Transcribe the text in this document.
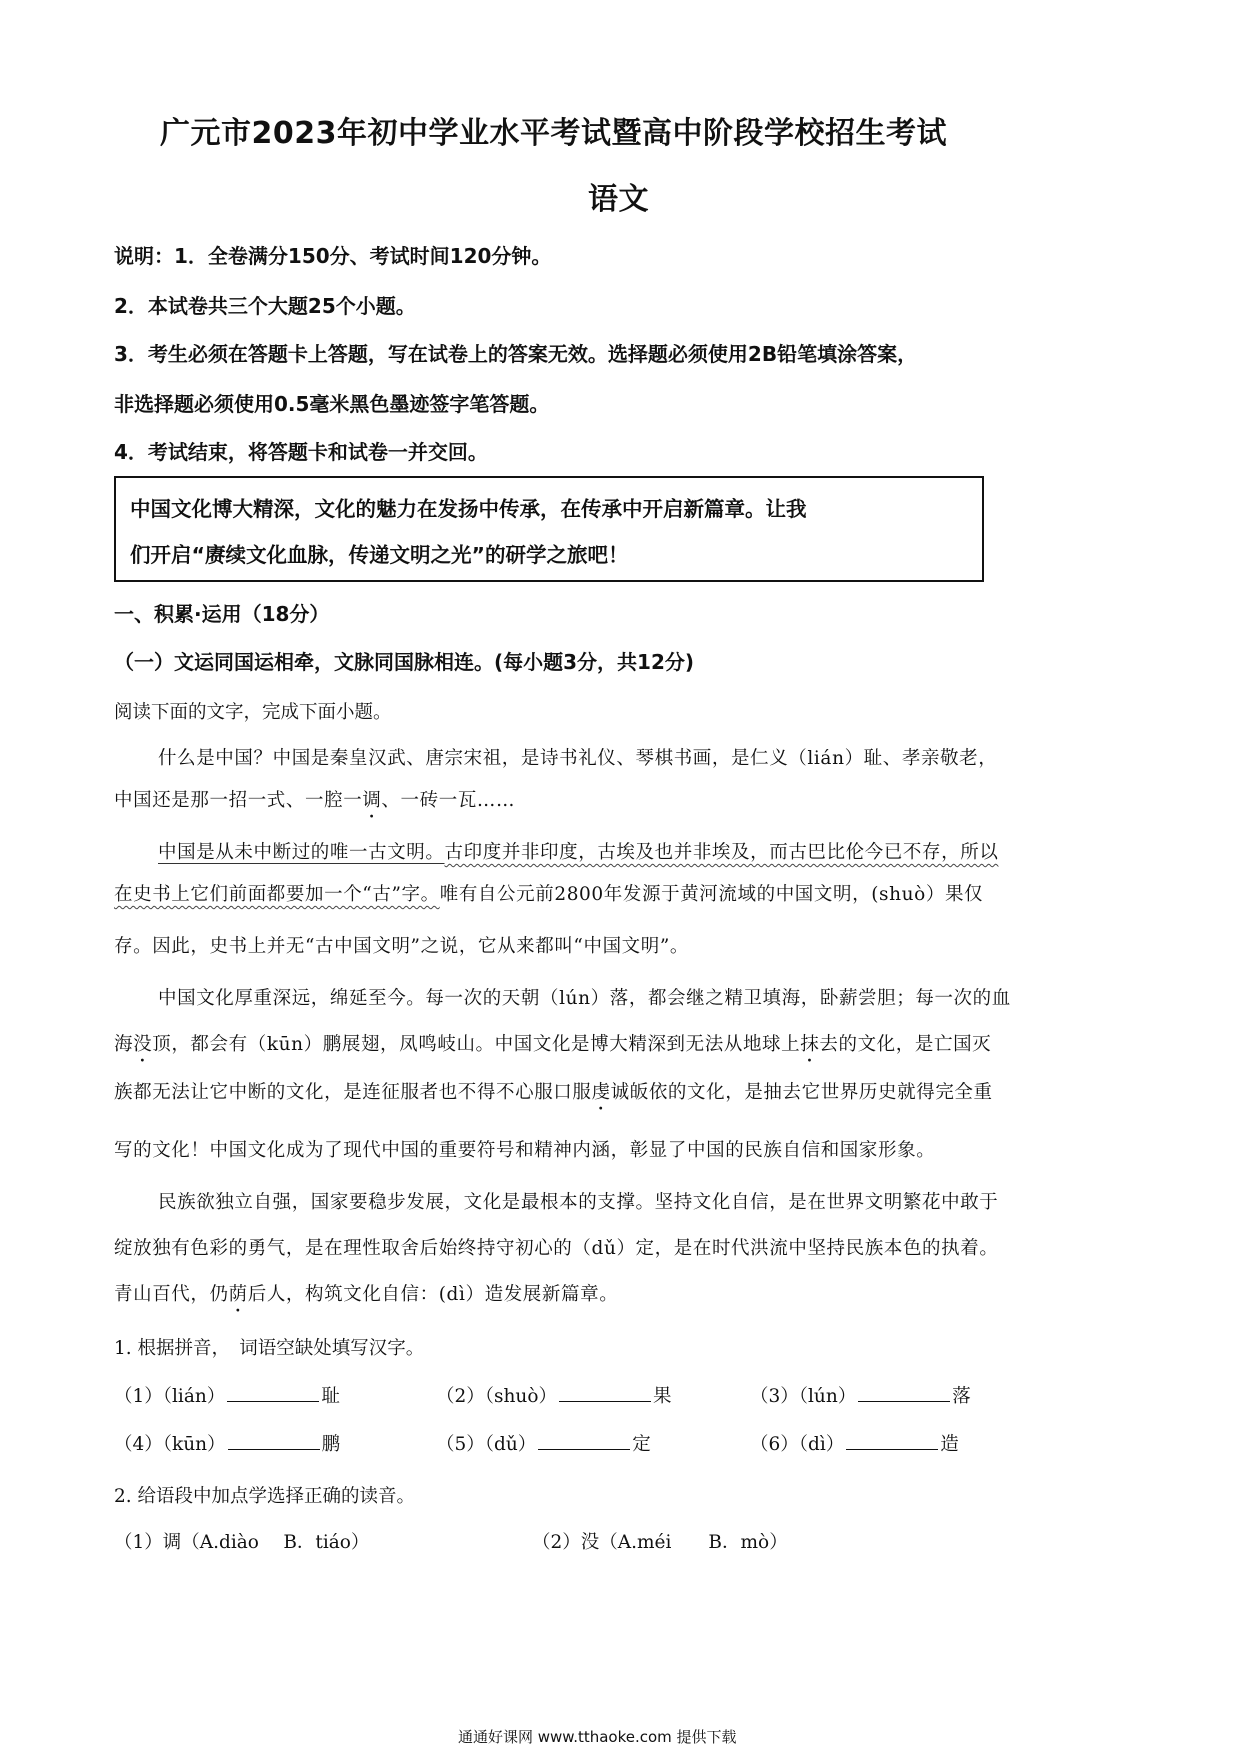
广元市2023年初中学业水平考试暨高中阶段学校招生考试
语文
说明：1．全卷满分150分、考试时间120分钟。
2．本试卷共三个大题25个小题。
3．考生必须在答题卡上答题，写在试卷上的答案无效。选择题必须使用2B铅笔填涂答案，
非选择题必须使用0.5毫米黑色墨迹签字笔答题。
4．考试结束，将答题卡和试卷一并交回。
中国文化博大精深，文化的魅力在发扬中传承，在传承中开启新篇章。让我
们开启“赓续文化血脉，传递文明之光”的研学之旅吧！
一、积累·运用（18分）
（一）文运同国运相牵，文脉同国脉相连。(每小题3分，共12分)
阅读下面的文字，完成下面小题。
什么是中国？中国是秦皇汉武、唐宗宋祖，是诗书礼仪、琴棋书画，是仁义（lián）耻、孝亲敬老，
中国还是那一招一式、一腔一调、一砖一瓦……
中国是从未中断过的唯一古文明。古印度并非印度，古埃及也并非埃及，而古巴比伦今已不存，所以
在史书上它们前面都要加一个“古”字。唯有自公元前2800年发源于黄河流域的中国文明，(shuò）果仅
存。因此，史书上并无“古中国文明”之说，它从来都叫“中国文明”。
中国文化厚重深远，绵延至今。每一次的天朝（lún）落，都会继之精卫填海，卧薪尝胆；每一次的血
海没顶，都会有（kūn）鹏展翅，凤鸣岐山。中国文化是博大精深到无法从地球上抹去的文化，是亡国灭
族都无法让它中断的文化，是连征服者也不得不心服口服虔诚皈依的文化，是抽去它世界历史就得完全重
写的文化！中国文化成为了现代中国的重要符号和精神内涵，彰显了中国的民族自信和国家形象。
民族欲独立自强，国家要稳步发展，文化是最根本的支撑。坚持文化自信，是在世界文明繁花中敢于
绽放独有色彩的勇气，是在理性取舍后始终持守初心的（dǔ）定，是在时代洪流中坚持民族本色的执着。
青山百代，仍荫后人，构筑文化自信：(dì）造发展新篇章。
1. 根据拼音，　词语空缺处填写汉字。
（1）（lián）	耻	（2）（shuò）	果	（3）（lún）	落
（4）（kūn）	鹏	（5）（dǔ）	定	（6）（dì）	造
2. 给语段中加点学选择正确的读音。
（1）调（A.diào　 B．tiáo）	（2）没（A.méi　　B．mò）
通通好课网 www.tthaoke.com 提供下载
